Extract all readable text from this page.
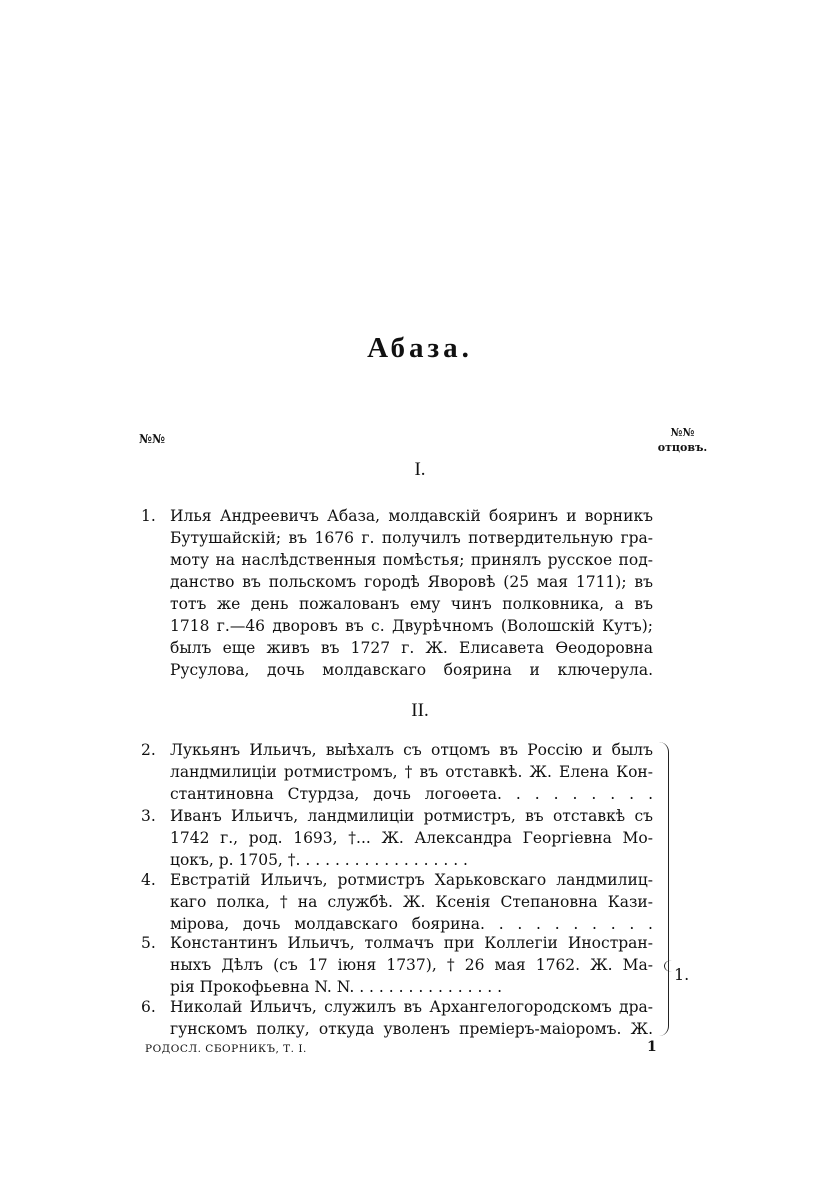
Абаза.
№№	№№
отцовъ.
I.
1. Илья Андреевичъ Абаза, молдавскій бояринъ и ворникъ
Бутушайскій; въ 1676 г. получилъ потвердительную гра-
моту на наслѣдственныя помѣстья; принялъ русское под-
данство въ польскомъ городѣ Яворовѣ (25 мая 1711); въ
тотъ же день пожалованъ ему чинъ полковника, а въ
1718 г.—46 дворовъ въ с. Двурѣчномъ (Волошскій Кутъ);
былъ еще живъ въ 1727 г. Ж. Елисавета Ѳеодоровна
Русулова, дочь молдавскаго боярина и ключерула.
II.
2. Лукьянъ Ильичъ, выѣхалъ съ отцомъ въ Россію и былъ
ландмилиціи ротмистромъ, † въ отставкѣ. Ж. Елена Кон-
стантиновна Стурдза, дочь логоѳета. . . . . . . . .
3. Иванъ Ильичъ, ландмилиціи ротмистръ, въ отставкѣ съ
1742 г., род. 1693, †... Ж. Александра Георгіевна Мо-
цокъ, р. 1705, †. . . . . . . . . . . . . . . . . .
4. Евстратій Ильичъ, ротмистръ Харьковскаго ландмилиц-
каго полка, † на службѣ. Ж. Ксенія Степановна Кази-
мірова, дочь молдавскаго боярина. . . . . . . . . .
5. Константинъ Ильичъ, толмачъ при Коллегіи Иностран-
ныхъ Дѣлъ (съ 17 іюня 1737), † 26 мая 1762. Ж. Ма-
рія Прокофьевна N. N. . . . . . . . . . . . . . . .
6. Николай Ильичъ, служилъ въ Архангелогородскомъ дра-
гунскомъ полку, откуда уволенъ преміеръ-маіоромъ. Ж.
1.
РОДОСЛ. СБОРНИКЪ, Т. I.	1
